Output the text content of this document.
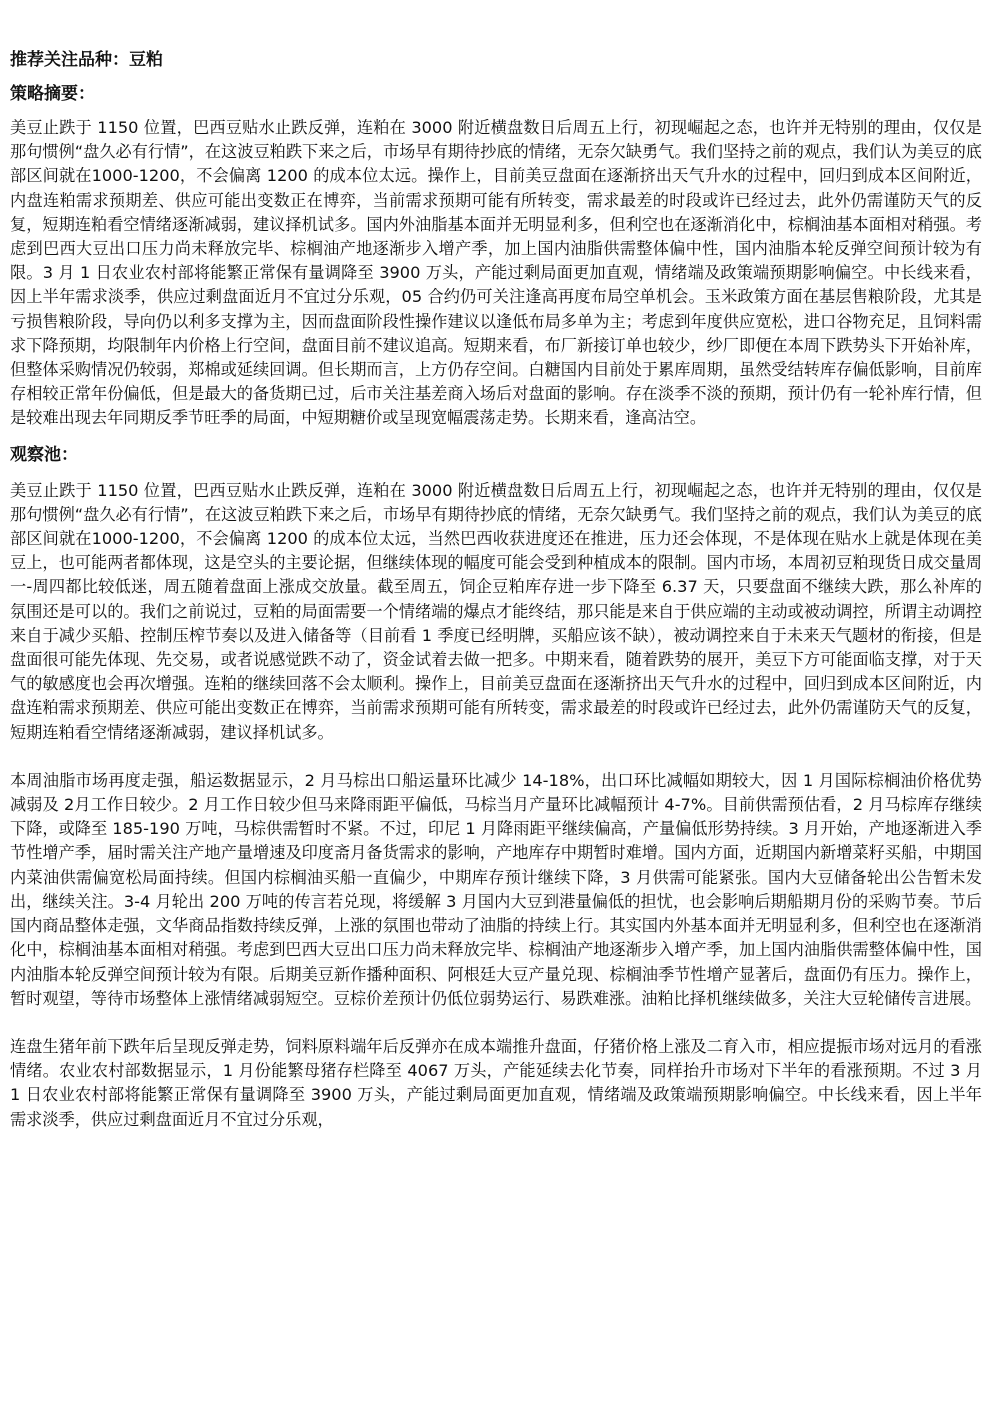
推荐关注品种：豆粕
策略摘要：

美豆止跌于 1150 位置，巴西豆贴水止跌反弹，连粕在 3000 附近横盘数日后周五上行，初现崛起之态，也许并无特别的理由，仅仅是那句惯例“盘久必有行情”，在这波豆粕跌下来之后，市场早有期待抄底的情绪，无奈欠缺勇气。我们坚持之前的观点，我们认为美豆的底部区间就在1000-1200，不会偏离 1200 的成本位太远。操作上，目前美豆盘面在逐渐挤出天气升水的过程中，回归到成本区间附近，内盘连粕需求预期差、供应可能出变数正在博弈，当前需求预期可能有所转变，需求最差的时段或许已经过去，此外仍需谨防天气的反复，短期连粕看空情绪逐渐减弱，建议择机试多。国内外油脂基本面并无明显利多，但利空也在逐渐消化中，棕榈油基本面相对稍强。考虑到巴西大豆出口压力尚未释放完毕、棕榈油产地逐渐步入增产季，加上国内油脂供需整体偏中性，国内油脂本轮反弹空间预计较为有限。3 月 1 日农业农村部将能繁正常保有量调降至 3900 万头，产能过剩局面更加直观，情绪端及政策端预期影响偏空。中长线来看，因上半年需求淡季，供应过剩盘面近月不宜过分乐观，05 合约仍可关注逢高再度布局空单机会。玉米政策方面在基层售粮阶段，尤其是亏损售粮阶段，导向仍以利多支撑为主，因而盘面阶段性操作建议以逢低布局多单为主；考虑到年度供应宽松，进口谷物充足，且饲料需求下降预期，均限制年内价格上行空间，盘面目前不建议追高。短期来看，布厂新接订单也较少，纱厂即便在本周下跌势头下开始补库，但整体采购情况仍较弱，郑棉或延续回调。但长期而言，上方仍存空间。白糖国内目前处于累库周期，虽然受结转库存偏低影响，目前库存相较正常年份偏低，但是最大的备货期已过，后市关注基差商入场后对盘面的影响。存在淡季不淡的预期，预计仍有一轮补库行情，但是较难出现去年同期反季节旺季的局面，中短期糖价或呈现宽幅震荡走势。长期来看，逢高沽空。

观察池：

美豆止跌于 1150 位置，巴西豆贴水止跌反弹，连粕在 3000 附近横盘数日后周五上行，初现崛起之态，也许并无特别的理由，仅仅是那句惯例“盘久必有行情”，在这波豆粕跌下来之后，市场早有期待抄底的情绪，无奈欠缺勇气。我们坚持之前的观点，我们认为美豆的底部区间就在1000-1200，不会偏离 1200 的成本位太远，当然巴西收获进度还在推进，压力还会体现，不是体现在贴水上就是体现在美豆上，也可能两者都体现，这是空头的主要论据，但继续体现的幅度可能会受到种植成本的限制。国内市场，本周初豆粕现货日成交量周一-周四都比较低迷，周五随着盘面上涨成交放量。截至周五，饲企豆粕库存进一步下降至 6.37 天，只要盘面不继续大跌，那么补库的氛围还是可以的。我们之前说过，豆粕的局面需要一个情绪端的爆点才能终结，那只能是来自于供应端的主动或被动调控，所谓主动调控来自于减少买船、控制压榨节奏以及进入储备等（目前看 1 季度已经明牌，买船应该不缺），被动调控来自于未来天气题材的衔接，但是盘面很可能先体现、先交易，或者说感觉跌不动了，资金试着去做一把多。中期来看，随着跌势的展开，美豆下方可能面临支撑，对于天气的敏感度也会再次增强。连粕的继续回落不会太顺利。操作上，目前美豆盘面在逐渐挤出天气升水的过程中，回归到成本区间附近，内盘连粕需求预期差、供应可能出变数正在博弈，当前需求预期可能有所转变，需求最差的时段或许已经过去，此外仍需谨防天气的反复，短期连粕看空情绪逐渐减弱，建议择机试多。

本周油脂市场再度走强，船运数据显示，2 月马棕出口船运量环比减少 14-18%，出口环比减幅如期较大，因 1 月国际棕榈油价格优势减弱及 2月工作日较少。2 月工作日较少但马来降雨距平偏低，马棕当月产量环比减幅预计 4-7%。目前供需预估看，2 月马棕库存继续下降，或降至 185-190 万吨，马棕供需暂时不紧。不过，印尼 1 月降雨距平继续偏高，产量偏低形势持续。3 月开始，产地逐渐进入季节性增产季，届时需关注产地产量增速及印度斋月备货需求的影响，产地库存中期暂时难增。国内方面，近期国内新增菜籽买船，中期国内菜油供需偏宽松局面持续。但国内棕榈油买船一直偏少，中期库存预计继续下降，3 月供需可能紧张。国内大豆储备轮出公告暂未发出，继续关注。3-4 月轮出 200 万吨的传言若兑现，将缓解 3 月国内大豆到港量偏低的担忧，也会影响后期船期月份的采购节奏。节后国内商品整体走强，文华商品指数持续反弹，上涨的氛围也带动了油脂的持续上行。其实国内外基本面并无明显利多，但利空也在逐渐消化中，棕榈油基本面相对稍强。考虑到巴西大豆出口压力尚未释放完毕、棕榈油产地逐渐步入增产季，加上国内油脂供需整体偏中性，国内油脂本轮反弹空间预计较为有限。后期美豆新作播种面积、阿根廷大豆产量兑现、棕榈油季节性增产显著后，盘面仍有压力。操作上，暂时观望，等待市场整体上涨情绪减弱短空。豆棕价差预计仍低位弱势运行、易跌难涨。油粕比择机继续做多，关注大豆轮储传言进展。

连盘生猪年前下跌年后呈现反弹走势，饲料原料端年后反弹亦在成本端推升盘面，仔猪价格上涨及二育入市，相应提振市场对远月的看涨情绪。农业农村部数据显示，1 月份能繁母猪存栏降至 4067 万头，产能延续去化节奏，同样抬升市场对下半年的看涨预期。不过 3 月 1 日农业农村部将能繁正常保有量调降至 3900 万头，产能过剩局面更加直观，情绪端及政策端预期影响偏空。中长线来看，因上半年需求淡季，供应过剩盘面近月不宜过分乐观，
